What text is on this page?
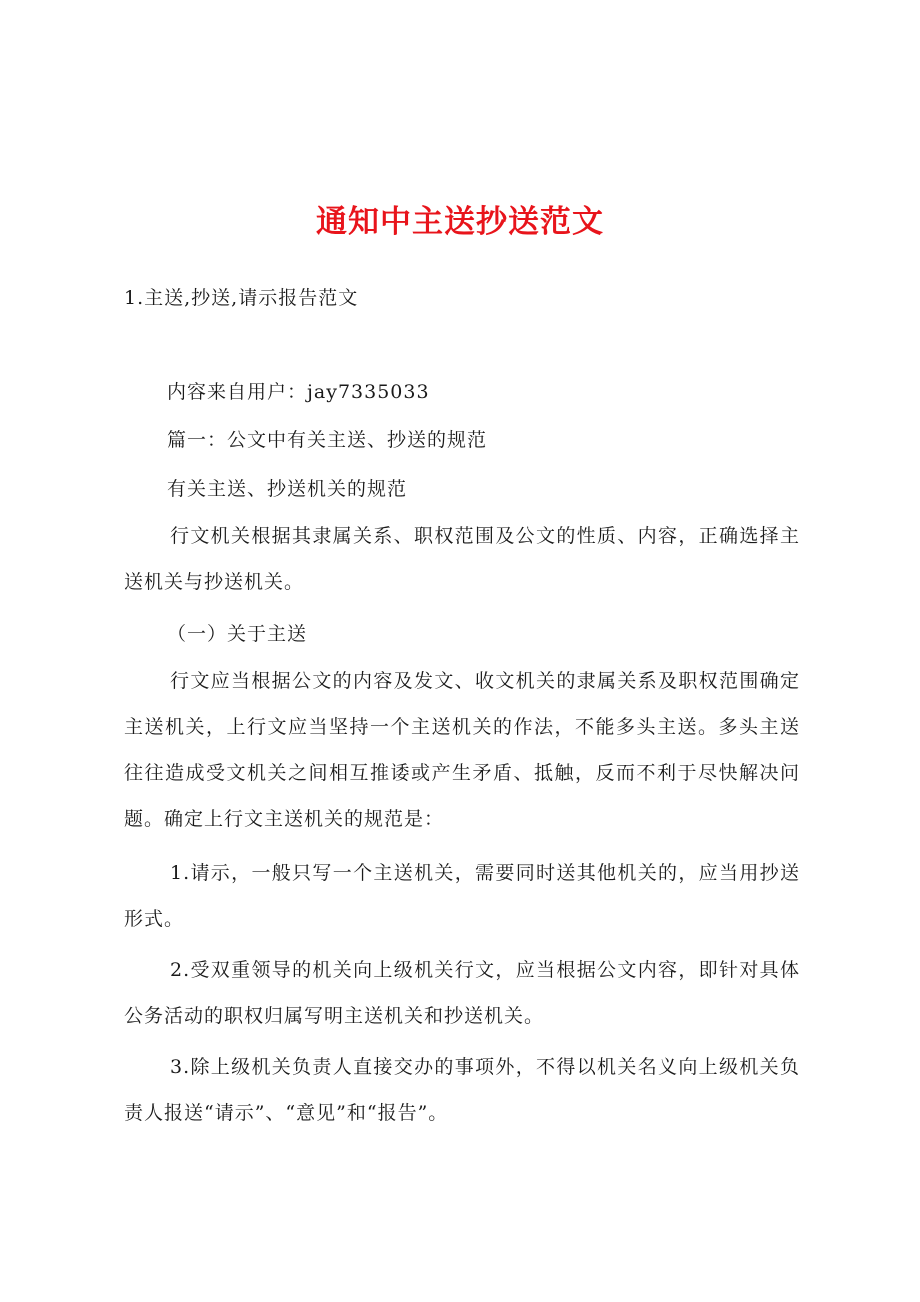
通知中主送抄送范文
1.主送,抄送,请示报告范文
内容来自用户：jay7335033
篇一：公文中有关主送、抄送的规范
有关主送、抄送机关的规范

行文机关根据其隶属关系、职权范围及公文的性质、内容，正确选择主送机关与抄送机关。

（一）关于主送

行文应当根据公文的内容及发文、收文机关的隶属关系及职权范围确定主送机关，上行文应当坚持一个主送机关的作法，不能多头主送。多头主送往往造成受文机关之间相互推诿或产生矛盾、抵触，反而不利于尽快解决问题。确定上行文主送机关的规范是：

1.请示，一般只写一个主送机关，需要同时送其他机关的，应当用抄送形式。

2.受双重领导的机关向上级机关行文，应当根据公文内容，即针对具体公务活动的职权归属写明主送机关和抄送机关。

3.除上级机关负责人直接交办的事项外，不得以机关名义向上级机关负责人报送“请示”、“意见”和“报告”。
